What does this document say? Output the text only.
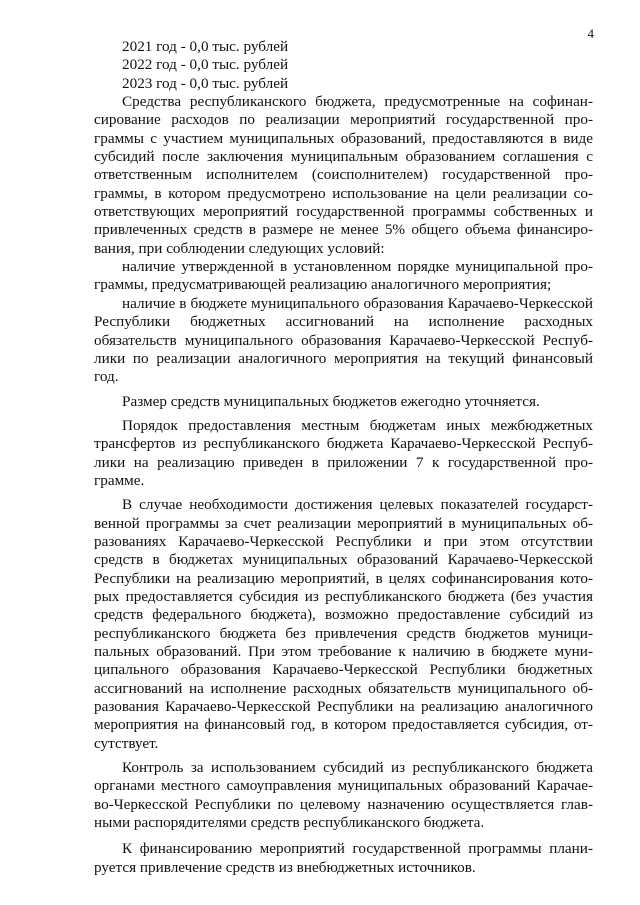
4

2021 год - 0,0 тыс. рублей

2022 год - 0,0 тыс. рублей

2023 год - 0,0 тыс. рублей

Средства республиканского бюджета, предусмотренные на софинансирование расходов по реализации мероприятий государственной программы с участием муниципальных образований, предоставляются в виде субсидий после заключения муниципальным образованием соглашения с ответственным исполнителем (соисполнителем) государственной программы, в котором предусмотрено использование на цели реализации соответствующих мероприятий государственной программы собственных и привлеченных средств в размере не менее 5% общего объема финансирования, при соблюдении следующих условий:

наличие утвержденной в установленном порядке муниципальной программы, предусматривающей реализацию аналогичного мероприятия;

наличие в бюджете муниципального образования Карачаево-Черкесской Республики бюджетных ассигнований на исполнение расходных обязательств муниципального образования Карачаево-Черкесской Республики по реализации аналогичного мероприятия на текущий финансовый год.

Размер средств муниципальных бюджетов ежегодно уточняется.

Порядок предоставления местным бюджетам иных межбюджетных трансфертов из республиканского бюджета Карачаево-Черкесской Республики на реализацию приведен в приложении 7 к государственной программе.

В случае необходимости достижения целевых показателей государственной программы за счет реализации мероприятий в муниципальных образованиях Карачаево-Черкесской Республики и при этом отсутствии средств в бюджетах муниципальных образований Карачаево-Черкесской Республики на реализацию мероприятий, в целях софинансирования которых предоставляется субсидия из республиканского бюджета (без участия средств федерального бюджета), возможно предоставление субсидий из республиканского бюджета без привлечения средств бюджетов муниципальных образований. При этом требование к наличию в бюджете муниципального образования Карачаево-Черкесской Республики бюджетных ассигнований на исполнение расходных обязательств муниципального образования Карачаево-Черкесской Республики на реализацию аналогичного мероприятия на финансовый год, в котором предоставляется субсидия, отсутствует.

Контроль за использованием субсидий из республиканского бюджета органами местного самоуправления муниципальных образований Карачаево-Черкесской Республики по целевому назначению осуществляется главными распорядителями средств республиканского бюджета.

К финансированию мероприятий государственной программы планируется привлечение средств из внебюджетных источников.
